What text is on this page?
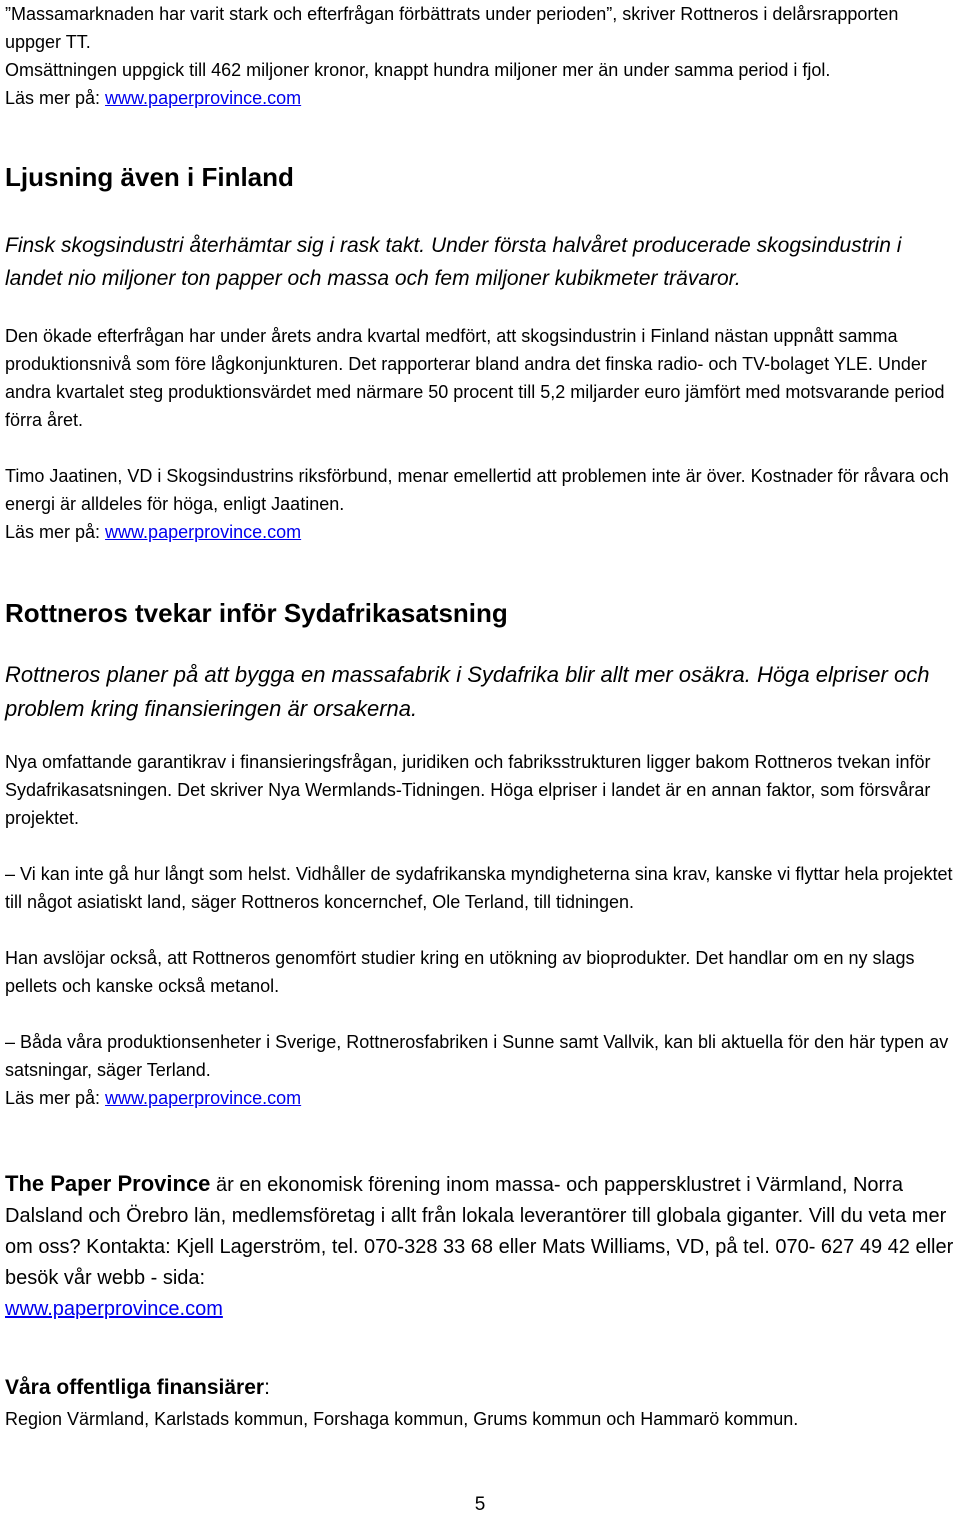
”Massamarknaden har varit stark och efterfrågan förbättrats under perioden”, skriver Rottneros i delårsrapporten uppger TT.

Omsättningen uppgick till 462 miljoner kronor, knappt hundra miljoner mer än under samma period i fjol.

Läs mer på: www.paperprovince.com

Ljusning även i Finland

Finsk skogsindustri återhämtar sig i rask takt. Under första halvåret producerade skogsindustrin i landet nio miljoner ton papper och massa och fem miljoner kubikmeter trävaror.

Den ökade efterfrågan har under årets andra kvartal medfört, att skogsindustrin i Finland nästan uppnått samma produktionsnivå som före lågkonjunkturen. Det rapporterar bland andra det finska radio- och TV-bolaget YLE. Under andra kvartalet steg produktionsvärdet med närmare 50 procent till 5,2 miljarder euro jämfört med motsvarande period förra året.

Timo Jaatinen, VD i Skogsindustrins riksförbund, menar emellertid att problemen inte är över. Kostnader för råvara och energi är alldeles för höga, enligt Jaatinen.

Läs mer på: www.paperprovince.com

Rottneros tvekar inför Sydafrikasatsning

Rottneros planer på att bygga en massafabrik i Sydafrika blir allt mer osäkra. Höga elpriser och problem kring finansieringen är orsakerna.

Nya omfattande garantikrav i finansieringsfrågan, juridiken och fabriksstrukturen ligger bakom Rottneros tvekan inför Sydafrikasatsningen. Det skriver Nya Wermlands-Tidningen. Höga elpriser i landet är en annan faktor, som försvårar projektet.

– Vi kan inte gå hur långt som helst. Vidhåller de sydafrikanska myndigheterna sina krav, kanske vi flyttar hela projektet till något asiatiskt land, säger Rottneros koncernchef, Ole Terland, till tidningen.

Han avslöjar också, att Rottneros genomfört studier kring en utökning av bioprodukter. Det handlar om en ny slags pellets och kanske också metanol.

– Båda våra produktionsenheter i Sverige, Rottnerosfabriken i Sunne samt Vallvik, kan bli aktuella för den här typen av satsningar, säger Terland.

Läs mer på: www.paperprovince.com

The Paper Province är en ekonomisk förening inom massa- och pappersklustret i Värmland, Norra Dalsland och Örebro län, medlemsföretag i allt från lokala leverantörer till globala giganter. Vill du veta mer om oss? Kontakta: Kjell Lagerström, tel. 070-328 33 68 eller Mats Williams, VD, på tel. 070- 627 49 42 eller besök vår webb - sida:
www.paperprovince.com

Våra offentliga finansiärer:

Region Värmland, Karlstads kommun, Forshaga kommun, Grums kommun och Hammarö kommun.

5
